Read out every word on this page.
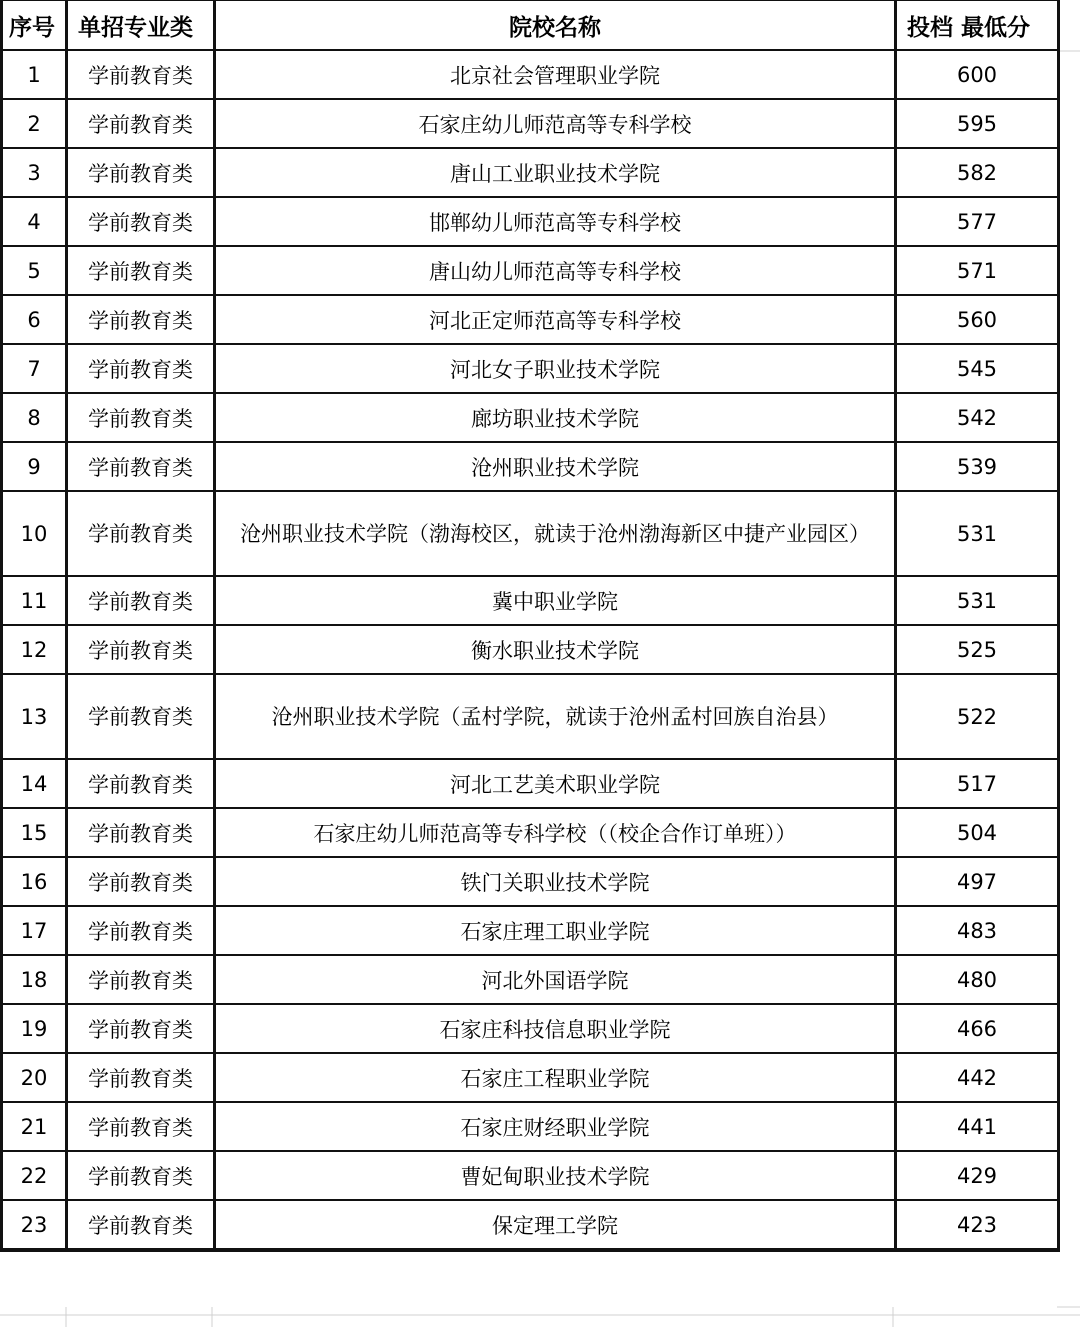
序号	单招专业类	院校名称	投档 最低分
1	学前教育类	北京社会管理职业学院	600
2	学前教育类	石家庄幼儿师范高等专科学校	595
3	学前教育类	唐山工业职业技术学院	582
4	学前教育类	邯郸幼儿师范高等专科学校	577
5	学前教育类	唐山幼儿师范高等专科学校	571
6	学前教育类	河北正定师范高等专科学校	560
7	学前教育类	河北女子职业技术学院	545
8	学前教育类	廊坊职业技术学院	542
9	学前教育类	沧州职业技术学院	539
10	学前教育类	沧州职业技术学院（渤海校区，就读于沧州渤海新区中捷产业园区）	531
11	学前教育类	冀中职业学院	531
12	学前教育类	衡水职业技术学院	525
13	学前教育类	沧州职业技术学院（孟村学院，就读于沧州孟村回族自治县）	522
14	学前教育类	河北工艺美术职业学院	517
15	学前教育类	石家庄幼儿师范高等专科学校（（校企合作订单班））	504
16	学前教育类	铁门关职业技术学院	497
17	学前教育类	石家庄理工职业学院	483
18	学前教育类	河北外国语学院	480
19	学前教育类	石家庄科技信息职业学院	466
20	学前教育类	石家庄工程职业学院	442
21	学前教育类	石家庄财经职业学院	441
22	学前教育类	曹妃甸职业技术学院	429
23	学前教育类	保定理工学院	423
